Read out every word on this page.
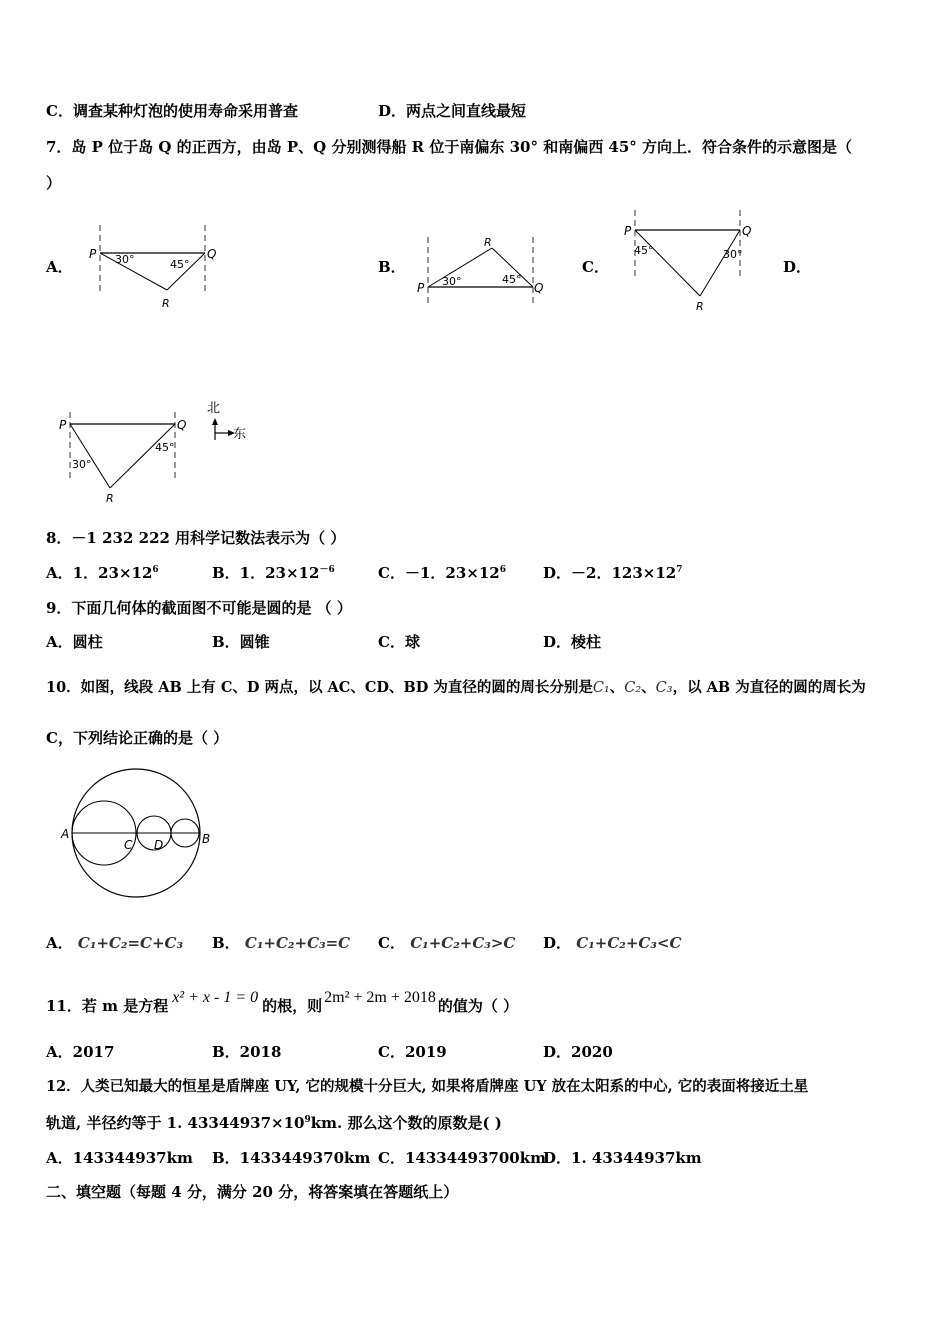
C．调查某种灯泡的使用寿命采用普查	D．两点之间直线最短
7．岛 P 位于岛 Q 的正西方，由岛 P、Q 分别测得船 R 位于南偏东 30° 和南偏西 45° 方向上．符合条件的示意图是（
）
A．	B．	C．	D．
P	Q
R
30°	45°
P	Q
R
30°	45°
P	Q
R
45°	30°
P	Q
R
30°
45°
北
东
8．－1 232 222 用科学记数法表示为（ ）
A．1．$23\times 12^6$	B．1．$23\times 12^{-6}$	C．－1．$23\times 12^6$ D．－2．$123\times 12^7$
9．下面几何体的截面图不可能是圆的是 （ ）
A．圆柱	B．圆锥	C．球	D．棱柱
10．如图，线段 AB 上有 C、D 两点，以 AC、CD、BD 为直径的圆的周长分别是C₁、C₂、C₃，以 AB 为直径的圆的周长为
C，下列结论正确的是（ ）
A	B
C D
A． C₁+C₂=C+C₃ B． C₁+C₂+C₃=C C． C₁+C₂+C₃>C D． C₁+C₂+C₃<C
11．若 m 是方程 x² + x - 1 = 0 的根，则 2m² + 2m + 2018 的值为（ ）
A．2017	B．2018	C．2019	D．2020
12．人类已知最大的恒星是盾牌座 UY, 它的规模十分巨大, 如果将盾牌座 UY 放在太阳系的中心, 它的表面将接近土星
轨道, 半径约等于 1. $43344937\times 10^9km$. 那么这个数的原数是( )
A．143344937km B．1433449370km C．14334493700km
D．1. 43344937km
二、填空题（每题 4 分，满分 20 分，将答案填在答题纸上）
